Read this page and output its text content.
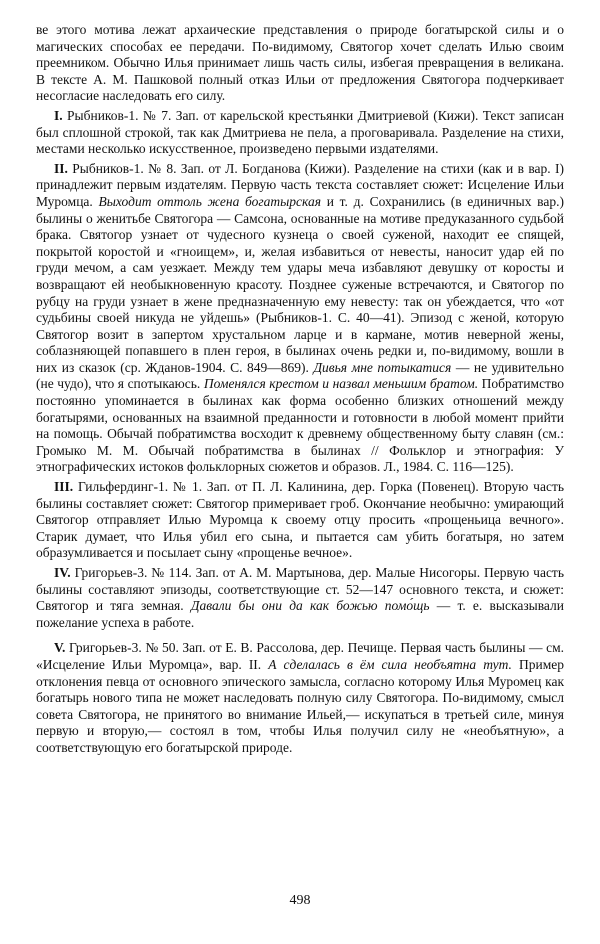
ве этого мотива лежат архаические представления о природе богатырской силы и о магических способах ее передачи. По-видимому, Святогор хочет сделать Илью своим преемником. Обычно Илья принимает лишь часть силы, избегая превращения в великана. В тексте А. М. Пашковой полный отказ Ильи от предложения Святогора подчеркивает несогласие наследовать его силу.

I. Рыбников-1. № 7. Зап. от карельской крестьянки Дмитриевой (Кижи). Текст записан был сплошной строкой, так как Дмитриева не пела, а проговаривала. Разделение на стихи, местами несколько искусственное, произведено первыми издателями.

II. Рыбников-1. № 8. Зап. от Л. Богданова (Кижи). Разделение на стихи (как и в вар. I) принадлежит первым издателям. Первую часть текста составляет сюжет: Исцеление Ильи Муромца. Выходит оттоль жена богатырская и т. д. Сохранились (в единичных вар.) былины о женитьбе Святогора — Самсона, основанные на мотиве предуказанного судьбой брака. Святогор узнает от чудесного кузнеца о своей суженой, находит ее спящей, покрытой коростой и «гноищем», и, желая избавиться от невесты, наносит удар ей по груди мечом, а сам уезжает. Между тем удары меча избавляют девушку от коросты и возвращают ей необыкновенную красоту. Позднее суженые встречаются, и Святогор по рубцу на груди узнает в жене предназначенную ему невесту: так он убеждается, что «от судьбины своей никуда не уйдешь» (Рыбников-1. С. 40—41). Эпизод с женой, которую Святогор возит в запертом хрустальном ларце и в кармане, мотив неверной жены, соблазняющей попавшего в плен героя, в былинах очень редки и, по-видимому, вошли в них из сказок (ср. Жданов-1904. С. 849—869). Дивья мне потыкатися — не удивительно (не чудо), что я спотыкаюсь. Поменялся крестом и назвал меньшим братом. Побратимство постоянно упоминается в былинах как форма особенно близких отношений между богатырями, основанных на взаимной преданности и готовности в любой момент прийти на помощь. Обычай побратимства восходит к древнему общественному быту славян (см.: Громыко М. М. Обычай побратимства в былинах // Фольклор и этнография: У этнографических истоков фольклорных сюжетов и образов. Л., 1984. С. 116—125).

III. Гильфердинг-1. № 1. Зап. от П. Л. Калинина, дер. Горка (Повенец). Вторую часть былины составляет сюжет: Святогор примеривает гроб. Окончание необычно: умирающий Святогор отправляет Илью Муромца к своему отцу просить «прощеньица вечного». Старик думает, что Илья убил его сына, и пытается сам убить богатыря, но затем образумливается и посылает сыну «прощенье вечное».

IV. Григорьев-3. № 114. Зап. от А. М. Мартынова, дер. Малые Нисогоры. Первую часть былины составляют эпизоды, соответствующие ст. 52—147 основного текста, и сюжет: Святогор и тяга земная. Давали бы они да как божью помо́щь — т. е. высказывали пожелание успеха в работе.

V. Григорьев-3. № 50. Зап. от Е. В. Рассолова, дер. Печище. Первая часть былины — см. «Исцеление Ильи Муромца», вар. II. А сделалась в ём сила необъятна тут. Пример отклонения певца от основного эпического замысла, согласно которому Илья Муромец как богатырь нового типа не может наследовать полную силу Святогора. По-видимому, смысл совета Святогора, не принятого во внимание Ильей,— искупаться в третьей силе, минуя первую и вторую,— состоял в том, чтобы Илья получил силу не «необъятную», а соответствующую его богатырской природе.

498
